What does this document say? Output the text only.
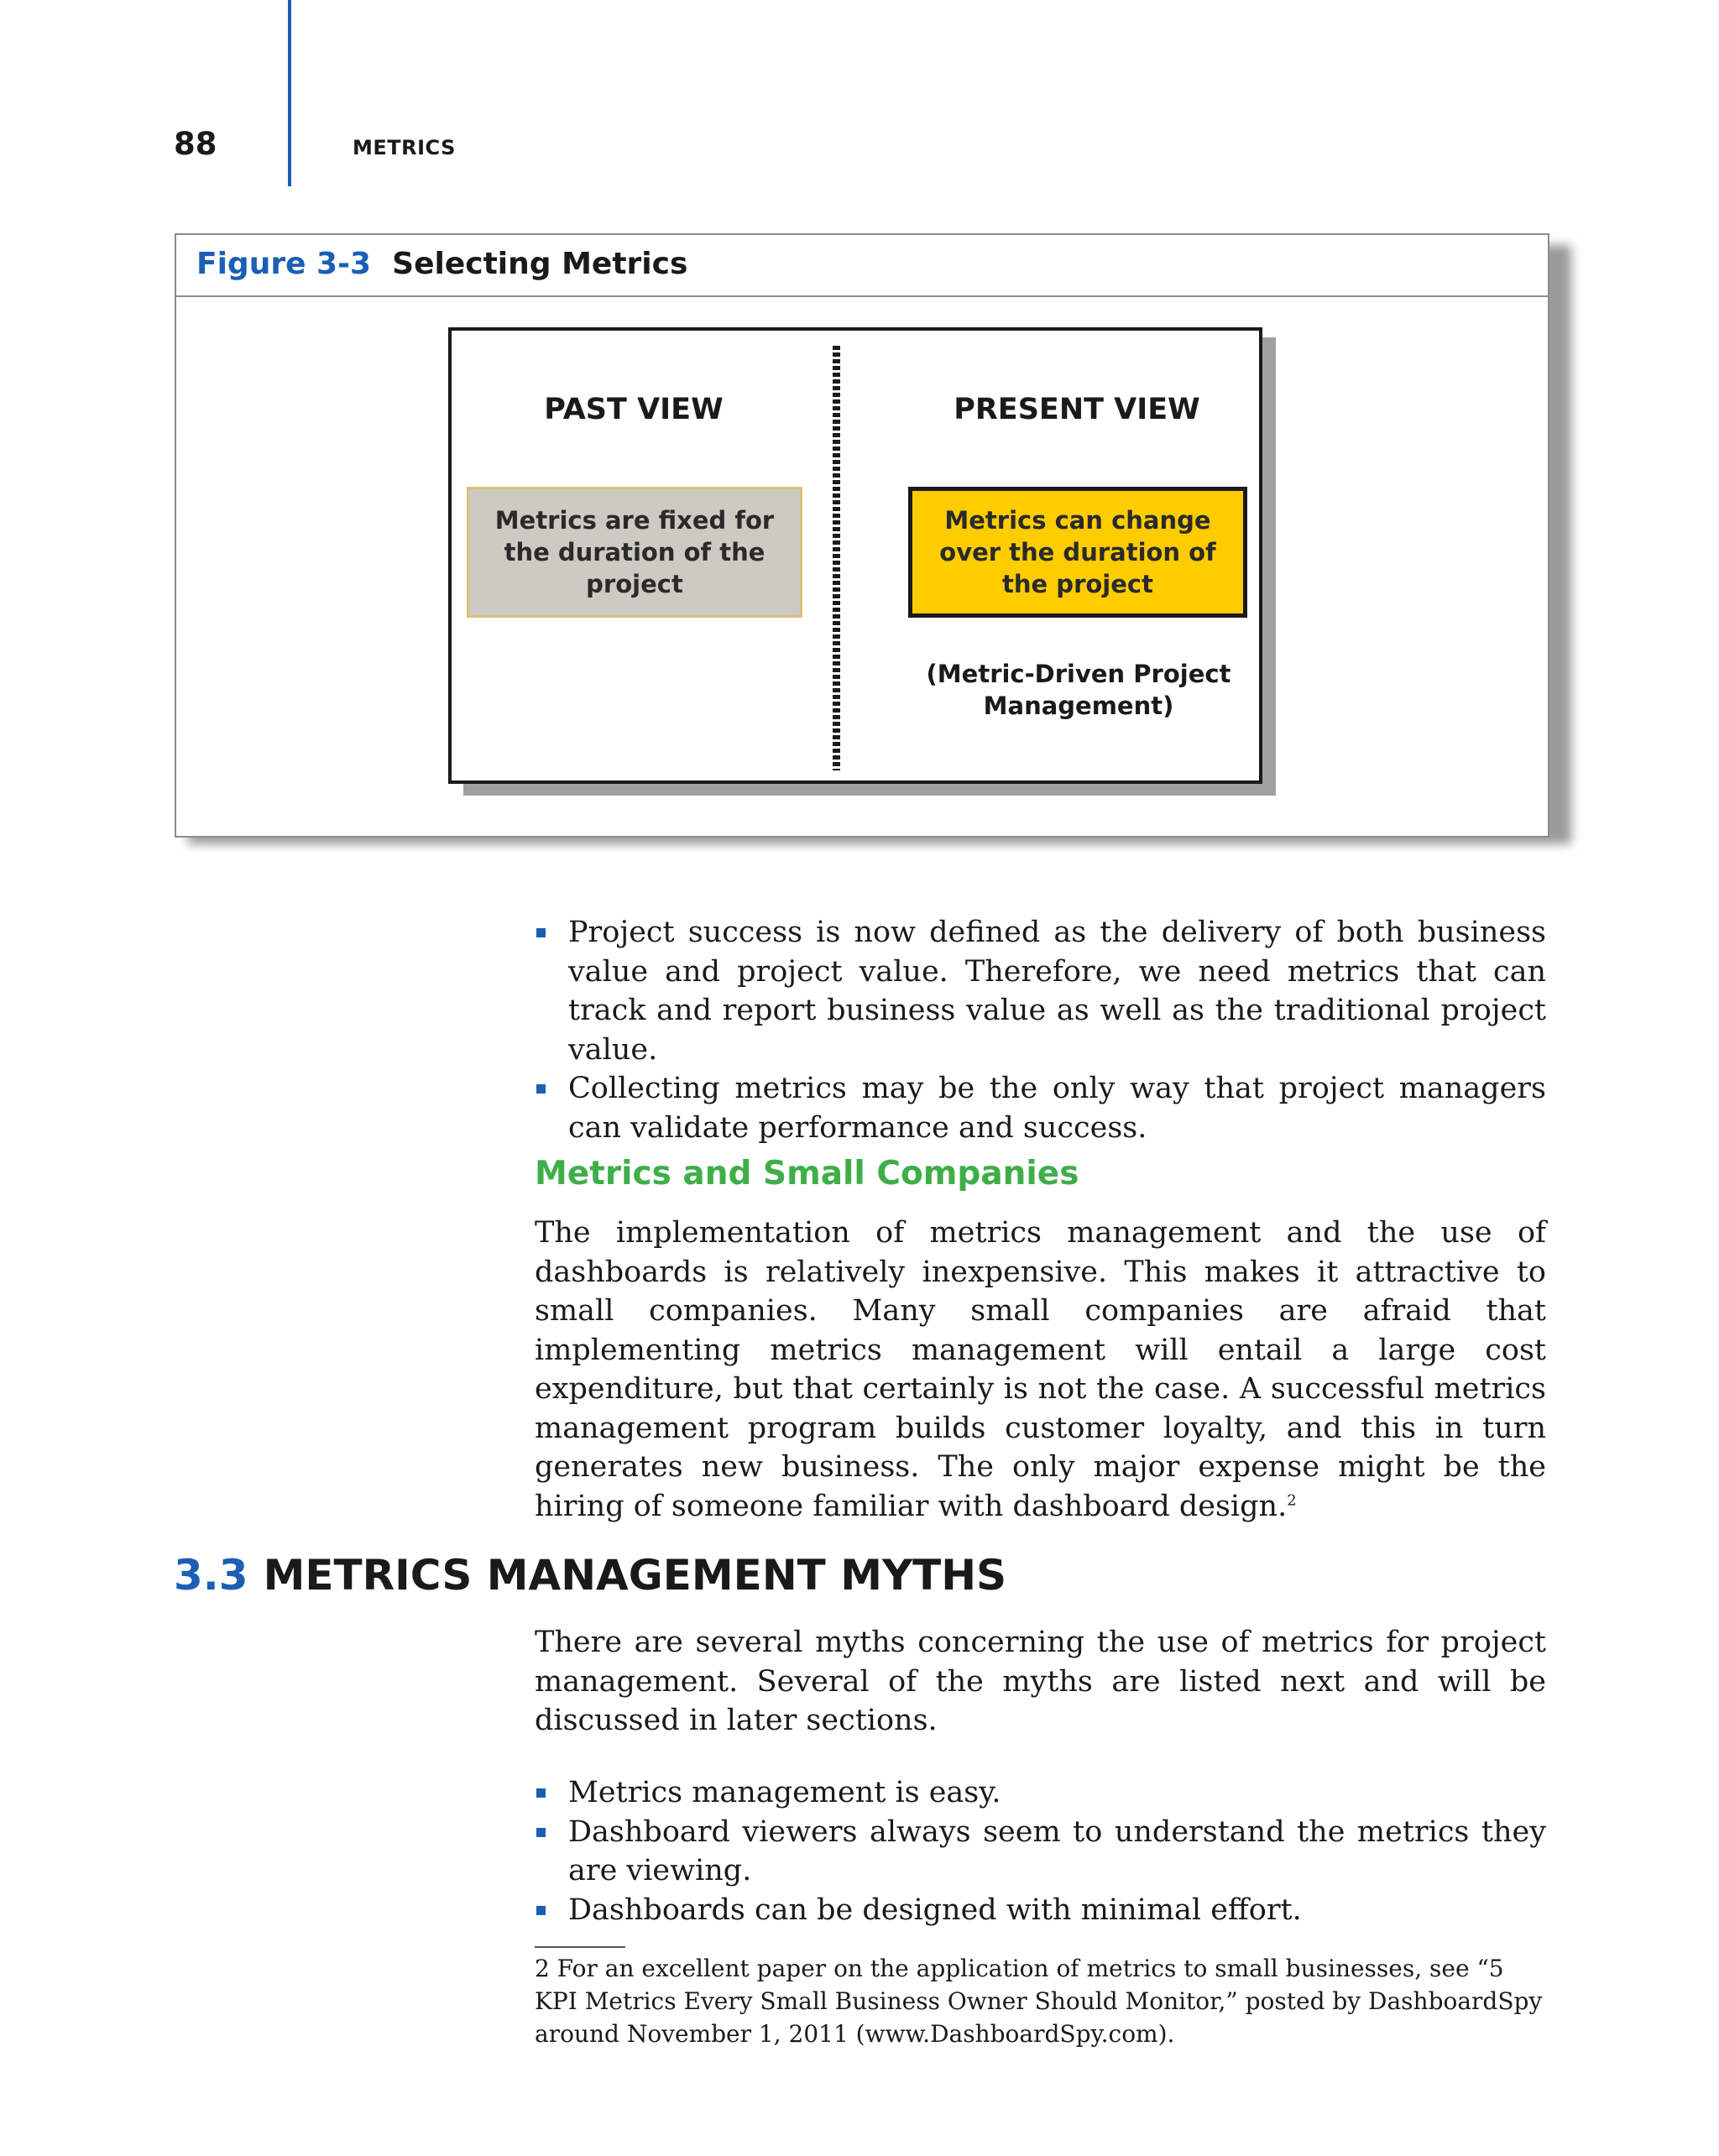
88	METRICS
Figure 3-3 Selecting Metrics
PAST VIEW	PRESENT VIEW
Metrics are fixed for the duration of the project
Metrics can change over the duration of the project
(Metric-Driven Project Management)
Project success is now defined as the delivery of both business value and project value. Therefore, we need metrics that can track and report business value as well as the traditional project value.
Collecting metrics may be the only way that project managers can validate performance and success.
Metrics and Small Companies

The implementation of metrics management and the use of dashboards is relatively inexpensive. This makes it attractive to small companies. Many small companies are afraid that implementing metrics management will entail a large cost expenditure, but that certainly is not the case. A successful metrics management program builds customer loyalty, and this in turn generates new business. The only major expense might be the hiring of someone familiar with dashboard design.$^2$

3.3 METRICS MANAGEMENT MYTHS

There are several myths concerning the use of metrics for project management. Several of the myths are listed next and will be discussed in later sections.

Metrics management is easy.
Dashboard viewers always seem to understand the metrics they are viewing.
Dashboards can be designed with minimal effort.
2 For an excellent paper on the application of metrics to small businesses, see “5 KPI Metrics Every Small Business Owner Should Monitor,” posted by DashboardSpy around November 1, 2011 (www.DashboardSpy.com).
